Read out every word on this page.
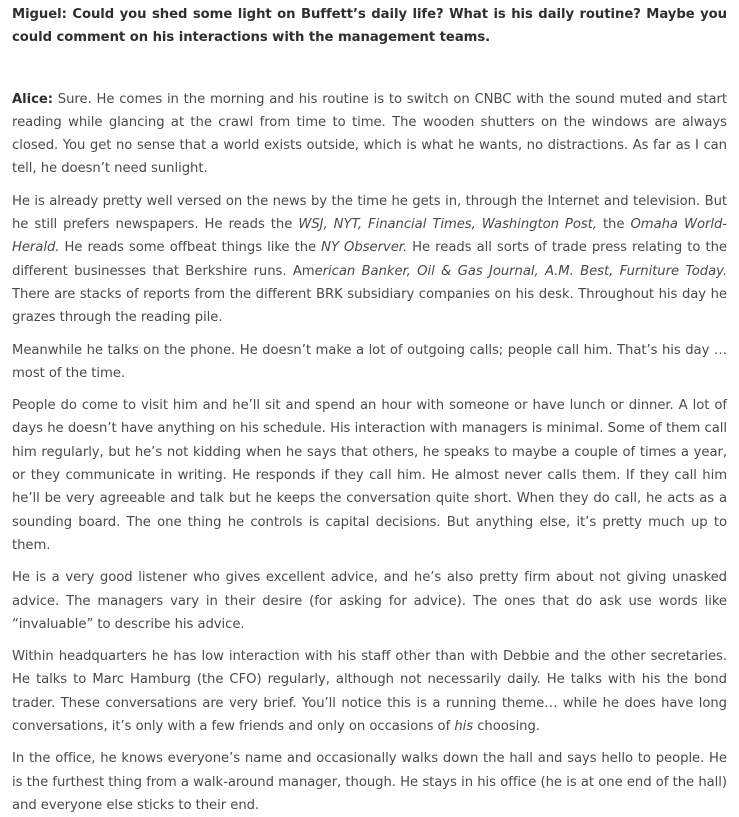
Miguel: Could you shed some light on Buffett’s daily life? What is his daily routine? Maybe you could comment on his interactions with the management teams.

Alice: Sure. He comes in the morning and his routine is to switch on CNBC with the sound muted and start reading while glancing at the crawl from time to time. The wooden shutters on the windows are always closed. You get no sense that a world exists outside, which is what he wants, no distractions. As far as I can tell, he doesn’t need sunlight.

He is already pretty well versed on the news by the time he gets in, through the Internet and television. But he still prefers newspapers. He reads the WSJ, NYT, Financial Times, Washington Post, the Omaha World-Herald. He reads some offbeat things like the NY Observer. He reads all sorts of trade press relating to the different businesses that Berkshire runs. American Banker, Oil & Gas Journal, A.M. Best, Furniture Today. There are stacks of reports from the different BRK subsidiary companies on his desk. Throughout his day he grazes through the reading pile.

Meanwhile he talks on the phone. He doesn’t make a lot of outgoing calls; people call him. That’s his day … most of the time.

People do come to visit him and he’ll sit and spend an hour with someone or have lunch or dinner. A lot of days he doesn’t have anything on his schedule. His interaction with managers is minimal. Some of them call him regularly, but he’s not kidding when he says that others, he speaks to maybe a couple of times a year, or they communicate in writing. He responds if they call him. He almost never calls them. If they call him he’ll be very agreeable and talk but he keeps the conversation quite short. When they do call, he acts as a sounding board. The one thing he controls is capital decisions. But anything else, it’s pretty much up to them.

He is a very good listener who gives excellent advice, and he’s also pretty firm about not giving unasked advice. The managers vary in their desire (for asking for advice). The ones that do ask use words like “invaluable” to describe his advice.

Within headquarters he has low interaction with his staff other than with Debbie and the other secretaries. He talks to Marc Hamburg (the CFO) regularly, although not necessarily daily. He talks with his the bond trader. These conversations are very brief. You’ll notice this is a running theme… while he does have long conversations, it’s only with a few friends and only on occasions of his choosing.

In the office, he knows everyone’s name and occasionally walks down the hall and says hello to people. He is the furthest thing from a walk-around manager, though. He stays in his office (he is at one end of the hall) and everyone else sticks to their end.
